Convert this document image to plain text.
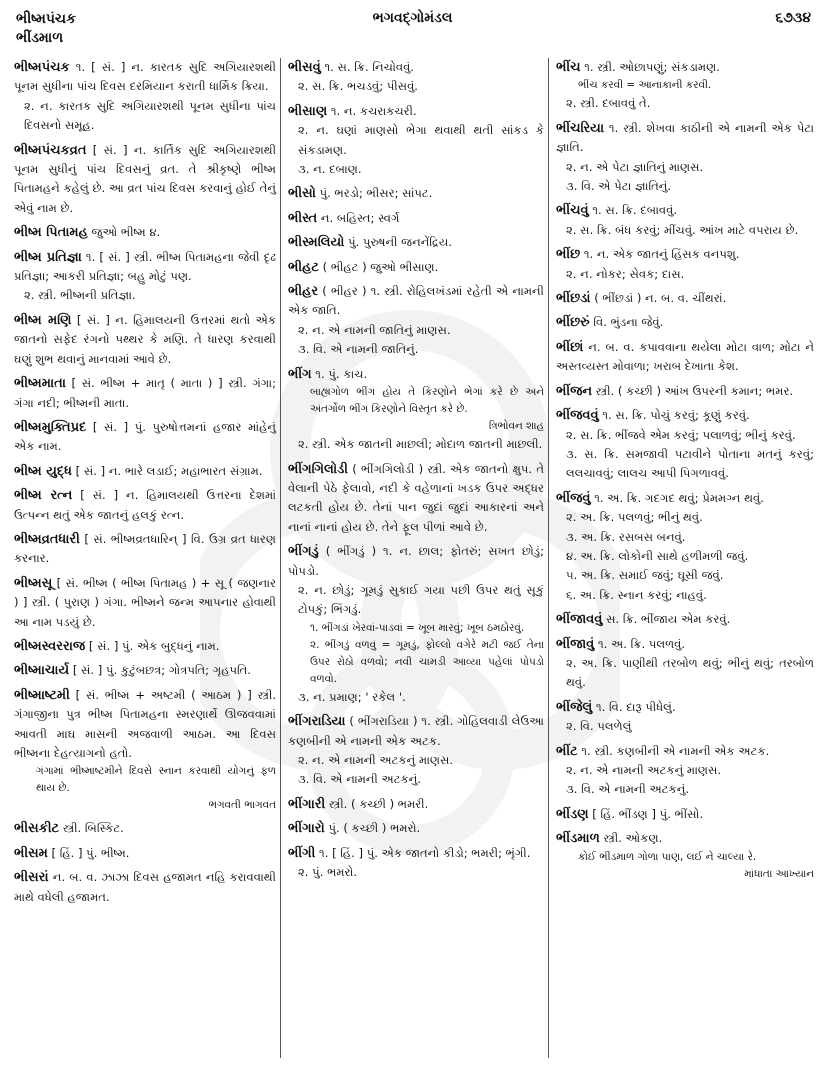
ભીષ્મપંચક
ભીંડમાળ
ભગવદ્ગોમંડલ	૬૭૩૪
ભીષ્મપંચક ૧. [ સં. ] ન. કારતક સુદિ અગિયારશથી પૂનમ સુધીના પાંચ દિવસ દરમિયાન કરાતી ધાર્મિક ક્રિયા.
૨. ન. કારતક સુદિ અગિયારશથી પૂનમ સુધીના પાંચ દિવસનો સમૂહ.
ભીષ્મપંચકવ્રત [ સં. ] ન. કાર્તિક સુદિ અગિયારશથી પૂનમ સુધીનું પાંચ દિવસનું વ્રત. તે શ્રીકૃષ્ણે ભીષ્મ પિતામહને કહેલું છે. આ વ્રત પાંચ દિવસ કરવાનું હોઈ તેનું એવું નામ છે.
ભીષ્મ પિતામહ જુઓ ભીષ્મ ૪.
ભીષ્મ પ્રતિજ્ઞા ૧. [ સં. ] સ્ત્રી. ભીષ્મ પિતામહના જેવી દૃઢ પ્રતિજ્ઞા; આકરી પ્રતિજ્ઞા; બહુ મોટું પણ.
૨. સ્ત્રી. ભીષ્મની પ્રતિજ્ઞા.
ભીષ્મ મણિ [ સં. ] ન. હિમાલયની ઉત્તરમાં થતો એક જાતનો સફેદ રંગનો પથ્થર કે મણિ. તે ધારણ કરવાથી ઘણું શુભ થવાનું માનવામાં આવે છે.
ભીષ્મમાતા [ સં. ભીષ્મ + માતૃ ( માતા ) ] સ્ત્રી. ગંગા; ગંગા નદી; ભીષ્મની માતા.
ભીષ્મમુક્તિપ્રદ [ સં. ] પું. પુરુષોત્તમનાં હજાર માંહેનું એક નામ.
ભીષ્મ યુદ્ધ [ સં. ] ન. ભારે લડાઈ; મહાભારત સંગ્રામ.
ભીષ્મ રત્ન [ સં. ] ન. હિમાલયથી ઉત્તરના દેશમાં ઉત્પન્ન થતું એક જાતનું હલકું રત્ન.
ભીષ્મવ્રતધારી [ સં. ભીષ્મવ્રતધારિન્ ] વિ. ઉગ્ર વ્રત ધારણ કરનાર.
ભીષ્મસૂ [ સં. ભીષ્મ ( ભીષ્મ પિતામહ ) + સૂ ( જણનાર ) ] સ્ત્રી. ( પુરાણ ) ગંગા. ભીષ્મને જન્મ આપનાર હોવાથી આ નામ પડયું છે.
ભીષ્મસ્વરરાજ [ સં. ] પું. એક બુદ્ધનું નામ.
ભીષ્માચાર્ય [ સં. ] પું. કુટુંબછત્ર; ગોત્રપતિ; ગૃહપતિ.
ભીષ્માષ્ટમી [ સં. ભીષ્મ + અષ્ટમી ( આઠમ ) ] સ્ત્રી. ગંગાજીના પુત્ર ભીષ્મ પિતામહના સ્મરણાર્થે ઊજવવામાં આવતી માઘ માસની અજવાળી આઠમ. આ દિવસ ભીષ્મના દેહત્યાગનો હતો.
ગંગામાં ભીષ્માષ્ટમીને દિવસે સ્નાન કરવાથી યોગનું ફળ થાય છે.
ભગવતી ભાગવત
ભીસકીટ સ્ત્રી. બિસ્કિટ.
ભીસમ [ હિં. ] પું. ભીષ્મ.
ભીસરાં ન. બ. વ. ઝાઝા દિવસ હજામત નહિ કરાવવાથી માથે વધેલી હજામત.
ભીસવું ૧. સ. ક્રિ. નિચોવવું.
૨. સ. ક્રિ. ભચડવું; પીસવું.
ભીસાણ ૧. ન. કચરાકચરી.
૨. ન. ઘણાં માણસો ભેગા થવાથી થતી સાંકડ કે સંકડામણ.
૩. ન. દબાણ.
ભીસો પું. ભરડો; ભીસર; સાંપટ.
ભીસ્ત ન. બહિસ્ત; સ્વર્ગ
ભીસ્મલિયો પું. પુરુષની જનનેંદ્રિય.
ભીહટ ( ભીહટ ) જુઓ ભીસાણ.
ભીહર ( ભીહર ) ૧. સ્ત્રી. રોહિલખંડમાં રહેતી એ નામની એક જાતિ.
૨. ન. એ નામની જાતિનું માણસ.
૩. વિ. એ નામની જાતિનું.
ભીંગ ૧. પું. કાચ.
બાહ્યગોળ ભીંગ હોય તે કિરણોને ભેગાં કરે છે અને અંતર્ગોળ ભીંગ કિરણોને વિસ્તૃત કરે છે.
ત્રિભોવન શાહ
૨. સ્ત્રી. એક જાતની માછલી; મોદાળ જાતની માછલી.
ભીંગગિલોડી ( ભીંગગિલોડી ) સ્ત્રી. એક જાતનો ક્ષુપ. તે વેલાની પેઠે ફેલાવો, નદી કે વહેળાનાં ખડક ઉપર અદ્ધર લટકતી હોય છે. તેનાં પાન જુદાં જુદાં આકારનાં અને નાનાં નાનાં હોય છે. તેને ફૂલ પીળાં આવે છે.
ભીંગડું ( ભીંગડું ) ૧. ન. છાલ; ફોતરું; સખત છોડું; પોપડો.
૨. ન. છોડું; ગૂમડું સુકાઈ ગયા પછી ઉપર થતું સૂકું ટોપકું; ભિંગડું.
૧. ભીંગડાં ખેરવાં-પાડવાં = ખૂબ મારવું; ખૂબ ઠમઠોરવું.
૨. ભીંગડું વળવું = ગૂમડું, ફોલ્લો વગેરે મટી જઈ તેના ઉપર રોઠો વળવો; નવી ચામડી આવ્યા પહેલાં પોપડો વળવો.
૩. ન. પ્રમાણ; ' રકેલ '.
ભીંગરાડિયા ( ભીંગરાડિયા ) ૧. સ્ત્રી. ગોહિલવાડી લેઉઆ કણબીની એ નામની એક અટક.
૨. ન. એ નામની અટકનું માણસ.
૩. વિ. એ નામની અટકનું.
ભીંગારી સ્ત્રી. ( કચ્છી ) ભમરી.
ભીંગારો પું. ( કચ્છી ) ભમરો.
ભીંગી ૧. [ હિં. ] પું. એક જાતનો કીડો; ભમરી; ભૃંગી.
૨. પું. ભમરો.
ભીંચ ૧. સ્ત્રી. ઓછાપણું; સંકડામણ.
ભીંચ કરવી = આનાકાની કરવી.
૨. સ્ત્રી. દબાવવું તે.
ભીંચરિયા ૧. સ્ત્રી. શેખવા કાઠીની એ નામની એક પેટા જ્ઞાતિ.
૨. ન. એ પેટા જ્ઞાતિનું માણસ.
૩. વિ. એ પેટા જ્ઞાતિનું.
ભીંચવું ૧. સ. ક્રિ. દબાવવું.
૨. સ. ક્રિ. બંધ કરવું; મીંચવું. આંખ માટે વપરાય છે.
ભીંછ ૧. ન. એક જાતનું હિંસક વનપશુ.
૨. ન. નોકર; સેવક; દાસ.
ભીંછડાં ( ભીંછડાં ) ન. બ. વ. ચીંથરાં.
ભીંછરું વિ. ભુંડના જેવું.
ભીંછાં ન. બ. વ. કપાવવાના થયેલા મોટા વાળ; મોટા ને અસ્તવ્યસ્ત મોવાળા; ખરાબ દેખાતા કેશ.
ભીંજન સ્ત્રી. ( કચ્છી ) આંખ ઉપરની કમાન; ભમર.
ભીંજવવું ૧. સ. ક્રિ. પોચું કરવું; કૂણું કરવું.
૨. સ. ક્રિ. ભીંજવે એમ કરવું; પલાળવું; ભીનું કરવું.
૩. સ. ક્રિ. સમજાવી પટાવીને પોતાના મતનું કરવું; લલચાવવું; લાલચ આપી પિગળાવવું.
ભીંજવું ૧. અ. ક્રિ. ગદગદ થવું; પ્રેમમગ્ન થવું.
૨. અ. ક્રિ. પલળવું; ભીનું થવું.
૩. અ. ક્રિ. રસબસ બનવું.
૪. અ. ક્રિ. લોકોની સાથે હળીમળી જવું.
૫. અ. ક્રિ. સમાઈ જવું; ઘૂસી જવું.
૬. અ. ક્રિ. સ્નાન કરવું; નાહવું.
ભીંજાવવું સ. ક્રિ. ભીંજાય એમ કરવું.
ભીંજાવું ૧. અ. ક્રિ. પલળવું.
૨. અ. ક્રિ. પાણીથી તરબોળ થવું; ભીનું થવું; તરબોળ થવું.
ભીંજેલું ૧. વિ. દારૂ પીધેલું.
૨. વિ. પલળેલું
ભીંટ ૧. સ્ત્રી. કણબીની એ નામની એક અટક.
૨. ન. એ નામની અટકનું માણસ.
૩. વિ. એ નામની અટકનું.
ભીંડણ [ હિં. ભીંડણ ] પું. ભીંસો.
ભીંડમાળ સ્ત્રી. ઓકણ.
કોઈ ભીંડમાળ ગોળા પાણ, લઈ ને ચાલ્યા રે.
માંધાતા આખ્યાન
